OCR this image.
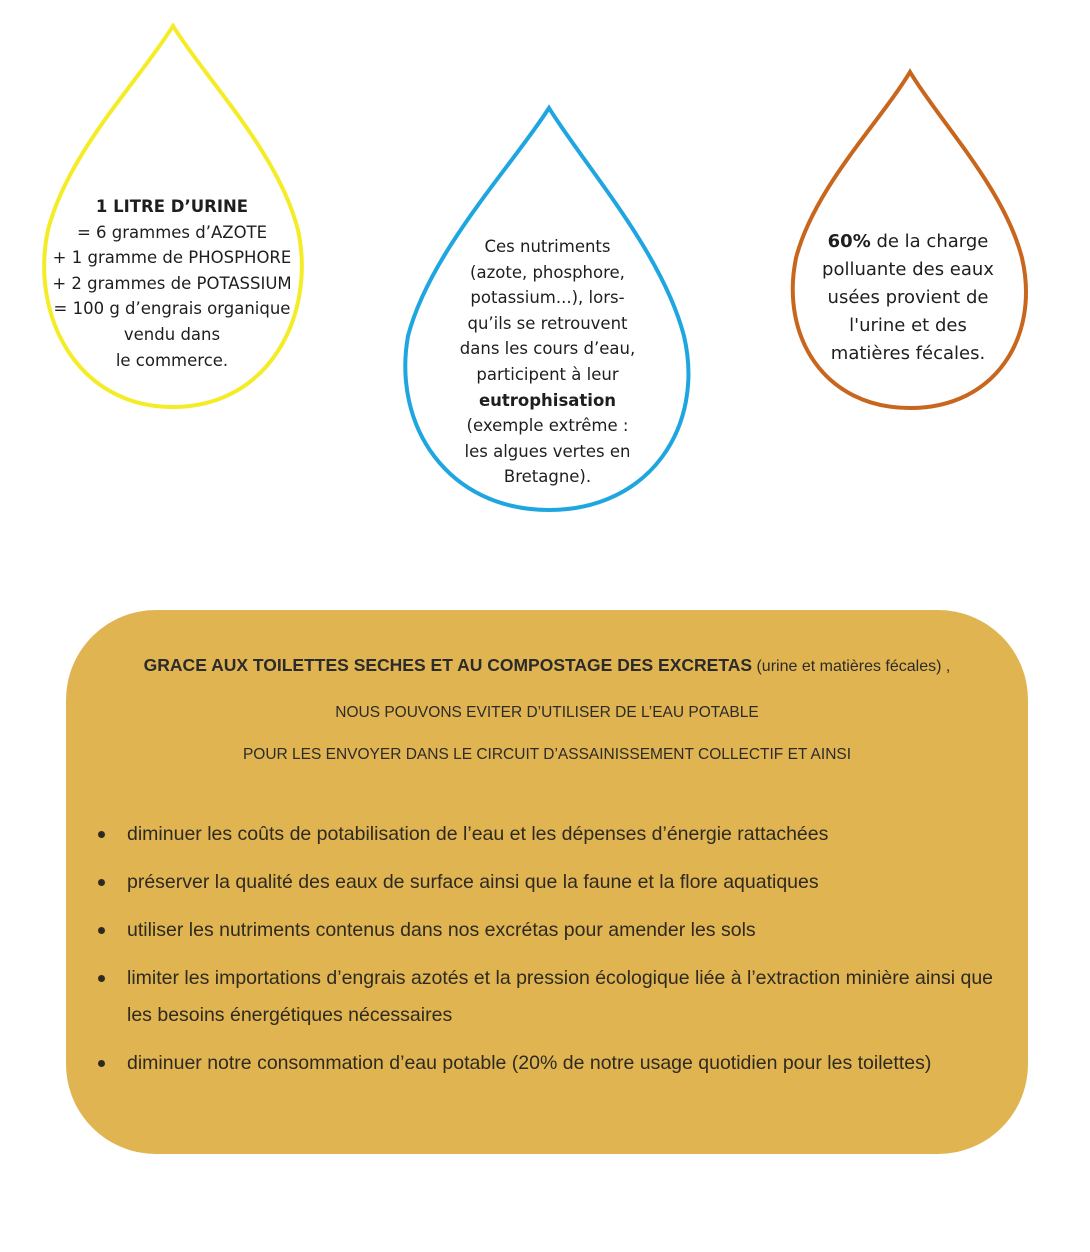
1 LITRE D’URINE
= 6 grammes d’AZOTE
+ 1 gramme de PHOSPHORE
+ 2 grammes de POTASSIUM
= 100 g d’engrais organique
vendu dans
le commerce.
Ces nutriments
(azote, phosphore,
potassium...), lors-
qu’ils se retrouvent
dans les cours d’eau,
participent à leur
eutrophisation
(exemple extrême :
les algues vertes en
Bretagne).
60% de la charge
polluante des eaux
usées provient de
l'urine et des
matières fécales.
GRACE AUX TOILETTES SECHES ET AU COMPOSTAGE DES EXCRETAS (urine et matières fécales) ,
NOUS POUVONS EVITER D’UTILISER DE L’EAU POTABLE
POUR LES ENVOYER DANS LE CIRCUIT D’ASSAINISSEMENT COLLECTIF ET AINSI
diminuer les coûts de potabilisation de l’eau et les dépenses d’énergie rattachées
préserver la qualité des eaux de surface ainsi que la faune et la flore aquatiques
utiliser les nutriments contenus dans nos excrétas pour amender les sols
limiter les importations d’engrais azotés et la pression écologique liée à l’extraction minière ainsi que les besoins énergétiques nécessaires
diminuer notre consommation d’eau potable (20% de notre usage quotidien pour les toilettes)
